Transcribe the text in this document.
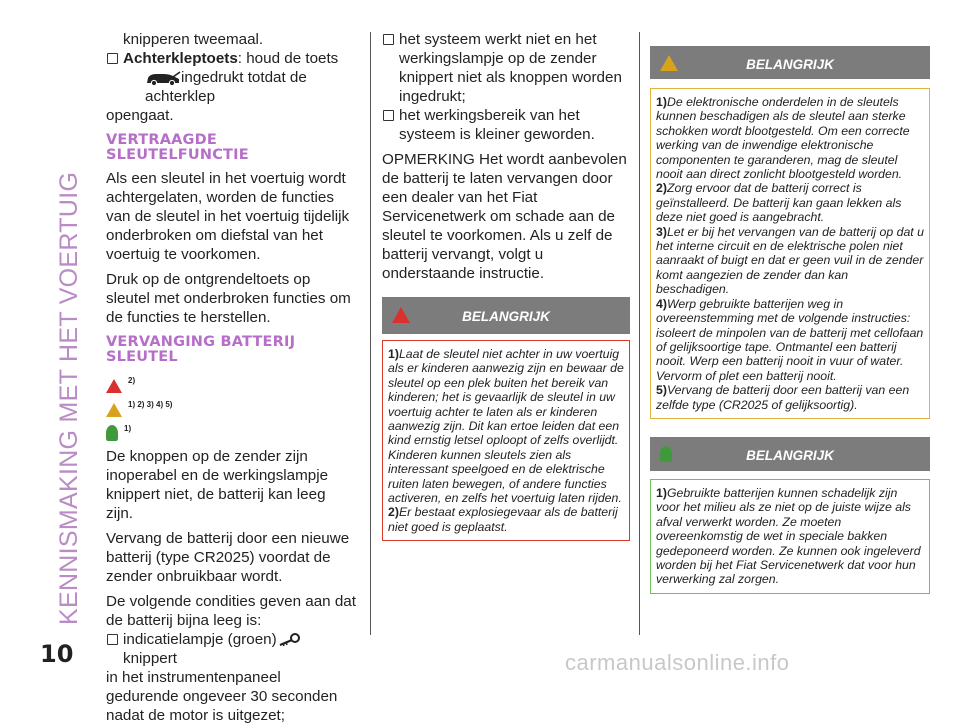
KENNISMAKING MET HET VOERTUIG
10	carmanualsonline.info
knipperen tweemaal.
Achterkleptoets: houd de toets
ingedrukt totdat de achterklep
opengaat.
VERTRAAGDE SLEUTELFUNCTIE
Als een sleutel in het voertuig wordt achtergelaten, worden de functies van de sleutel in het voertuig tijdelijk onderbroken om diefstal van het voertuig te voorkomen.
Druk op de ontgrendeltoets op sleutel met onderbroken functies om de functies te herstellen.
VERVANGING BATTERIJ SLEUTEL
2)
1) 2) 3) 4) 5)
1)
De knoppen op de zender zijn inoperabel en de werkingslampje knippert niet, de batterij kan leeg zijn.
Vervang de batterij door een nieuwe batterij (type CR2025) voordat de zender onbruikbaar wordt.
De volgende condities geven aan dat de batterij bijna leeg is:
indicatielampje (groen)knippert
in het instrumentenpaneel gedurende ongeveer 30 seconden nadat de motor is uitgezet;
het systeem werkt niet en het werkingslampje op de zender knippert niet als knoppen worden ingedrukt;
het werkingsbereik van het systeem is kleiner geworden.
OPMERKING Het wordt aanbevolen de batterij te laten vervangen door een dealer van het Fiat Servicenetwerk om schade aan de sleutel te voorkomen. Als u zelf de batterij vervangt, volgt u onderstaande instructie.
BELANGRIJK
1)Laat de sleutel niet achter in uw voertuig als er kinderen aanwezig zijn en bewaar de sleutel op een plek buiten het bereik van kinderen; het is gevaarlijk de sleutel in uw voertuig achter te laten als er kinderen aanwezig zijn. Dit kan ertoe leiden dat een kind ernstig letsel oploopt of zelfs overlijdt. Kinderen kunnen sleutels zien als interessant speelgoed en de elektrische ruiten laten bewegen, of andere functies activeren, en zelfs het voertuig laten rijden.
2)Er bestaat explosiegevaar als de batterij niet goed is geplaatst.
BELANGRIJK
1)De elektronische onderdelen in de sleutels kunnen beschadigen als de sleutel aan sterke schokken wordt blootgesteld. Om een correcte werking van de inwendige elektronische componenten te garanderen, mag de sleutel nooit aan direct zonlicht blootgesteld worden.
2)Zorg ervoor dat de batterij correct is geïnstalleerd. De batterij kan gaan lekken als deze niet goed is aangebracht.
3)Let er bij het vervangen van de batterij op dat u het interne circuit en de elektrische polen niet aanraakt of buigt en dat er geen vuil in de zender komt aangezien de zender dan kan beschadigen.
4)Werp gebruikte batterijen weg in overeenstemming met de volgende instructies: isoleert de minpolen van de batterij met cellofaan of gelijksoortige tape. Ontmantel een batterij nooit. Werp een batterij nooit in vuur of water. Vervorm of plet een batterij nooit.
5)Vervang de batterij door een batterij van een zelfde type (CR2025 of gelijksoortig).
BELANGRIJK
1)Gebruikte batterijen kunnen schadelijk zijn voor het milieu als ze niet op de juiste wijze als afval verwerkt worden. Ze moeten overeenkomstig de wet in speciale bakken gedeponeerd worden. Ze kunnen ook ingeleverd worden bij het Fiat Servicenetwerk dat voor hun verwerking zal zorgen.
